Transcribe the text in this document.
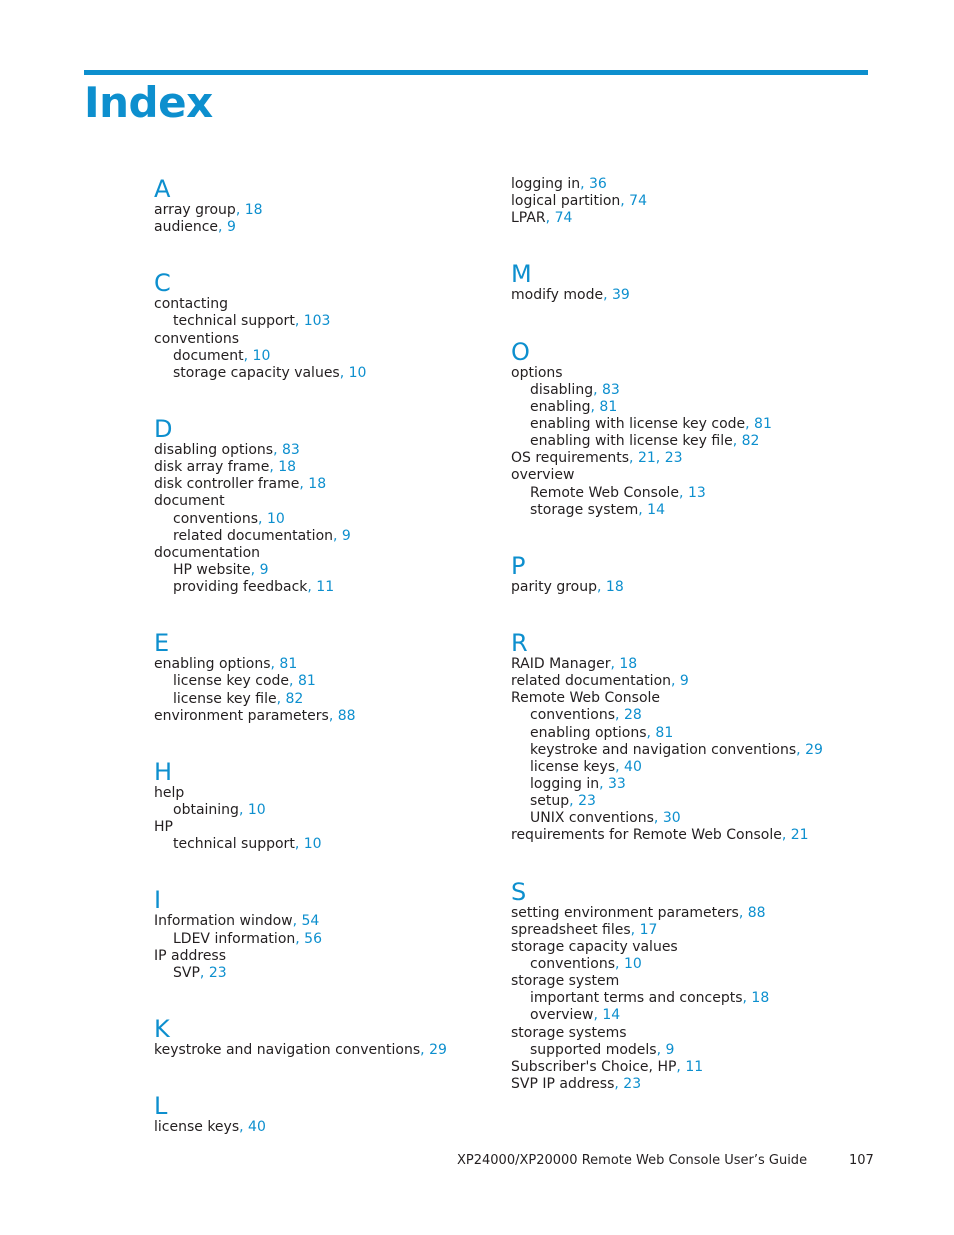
Index
A
array group, 18
audience, 9
C
contacting
technical support, 103
conventions
document, 10
storage capacity values, 10
D
disabling options, 83
disk array frame, 18
disk controller frame, 18
document
conventions, 10
related documentation, 9
documentation
HP website, 9
providing feedback, 11
E
enabling options, 81
license key code, 81
license key file, 82
environment parameters, 88
H
help
obtaining, 10
HP
technical support, 10
I
Information window, 54
LDEV information, 56
IP address
SVP, 23
K
keystroke and navigation conventions, 29
L
license keys, 40
logging in, 36
logical partition, 74
LPAR, 74
M
modify mode, 39
O
options
disabling, 83
enabling, 81
enabling with license key code, 81
enabling with license key file, 82
OS requirements, 21, 23
overview
Remote Web Console, 13
storage system, 14
P
parity group, 18
R
RAID Manager, 18
related documentation, 9
Remote Web Console
conventions, 28
enabling options, 81
keystroke and navigation conventions, 29
license keys, 40
logging in, 33
setup, 23
UNIX conventions, 30
requirements for Remote Web Console, 21
S
setting environment parameters, 88
spreadsheet files, 17
storage capacity values
conventions, 10
storage system
important terms and concepts, 18
overview, 14
storage systems
supported models, 9
Subscriber's Choice, HP, 11
SVP IP address, 23
XP24000/XP20000 Remote Web Console User’s Guide	107
